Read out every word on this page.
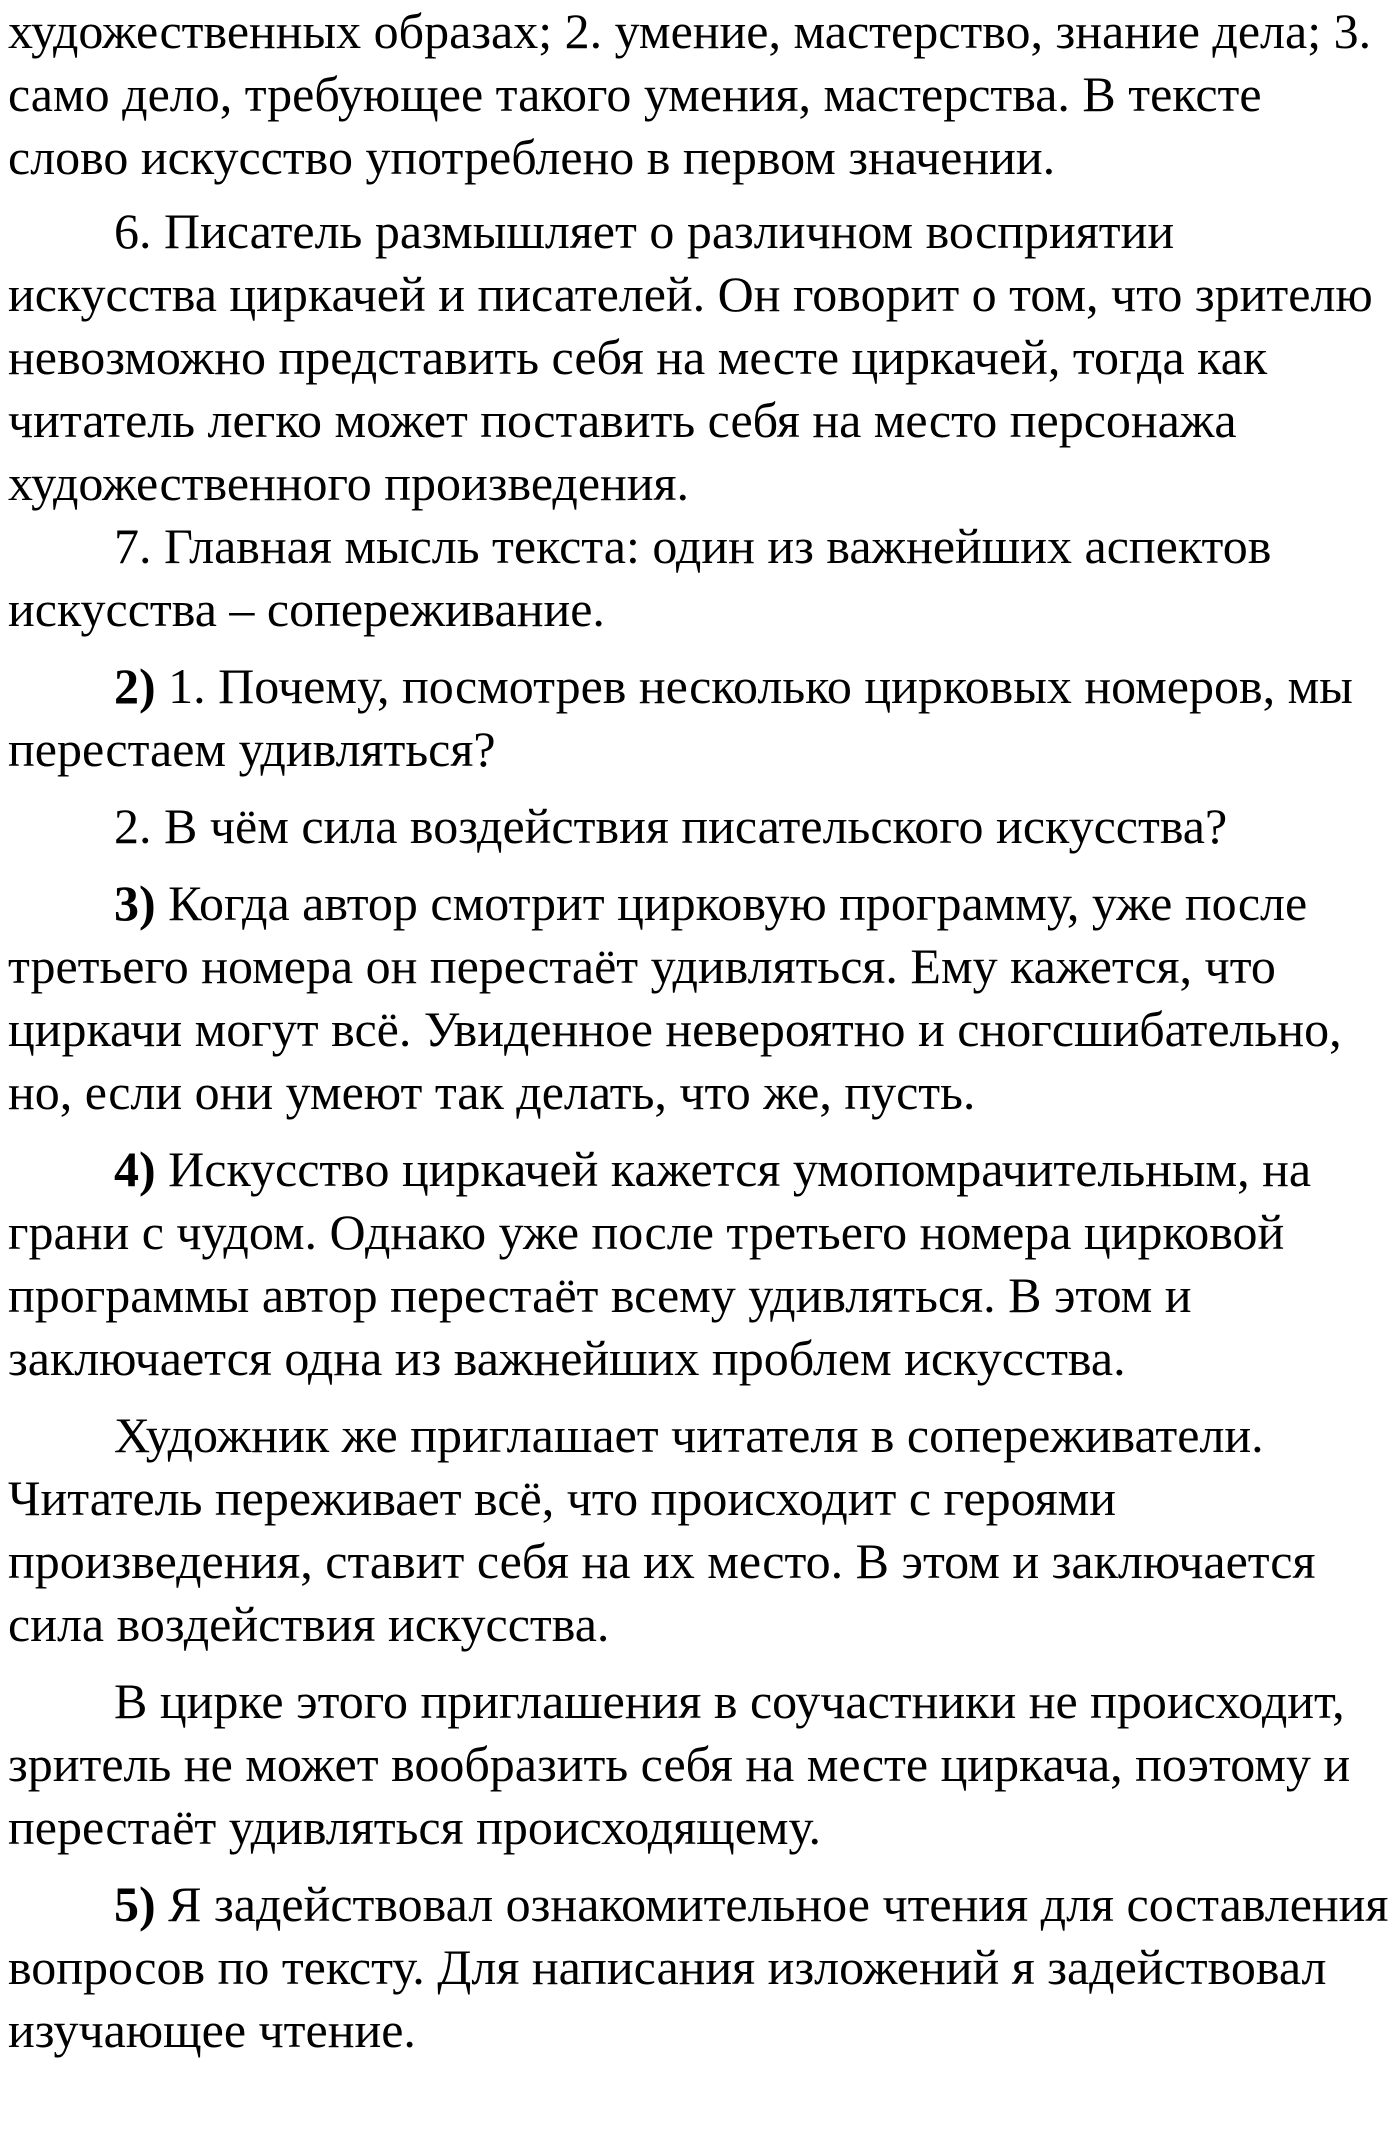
художественных образах; 2. умение, мастерство, знание дела; 3. само дело, требующее такого умения, мастерства. В тексте слово искусство употреблено в первом значении.

6. Писатель размышляет о различном восприятии искусства циркачей и писателей. Он говорит о том, что зрителю невозможно представить себя на месте циркачей, тогда как читатель легко может поставить себя на место персонажа художественного произведения.

7. Главная мысль текста: один из важнейших аспектов искусства – сопереживание.

2) 1. Почему, посмотрев несколько цирковых номеров, мы перестаем удивляться?

2. В чём сила воздействия писательского искусства?

3) Когда автор смотрит цирковую программу, уже после третьего номера он перестаёт удивляться. Ему кажется, что циркачи могут всё. Увиденное невероятно и сногсшибательно, но, если они умеют так делать, что же, пусть.

4) Искусство циркачей кажется умопомрачительным, на грани с чудом. Однако уже после третьего номера цирковой программы автор перестаёт всему удивляться. В этом и заключается одна из важнейших проблем искусства.

Художник же приглашает читателя в сопереживатели. Читатель переживает всё, что происходит с героями произведения, ставит себя на их место. В этом и заключается сила воздействия искусства.

В цирке этого приглашения в соучастники не происходит, зритель не может вообразить себя на месте циркача, поэтому и перестаёт удивляться происходящему.

5) Я задействовал ознакомительное чтения для составления вопросов по тексту. Для написания изложений я задействовал изучающее чтение.
